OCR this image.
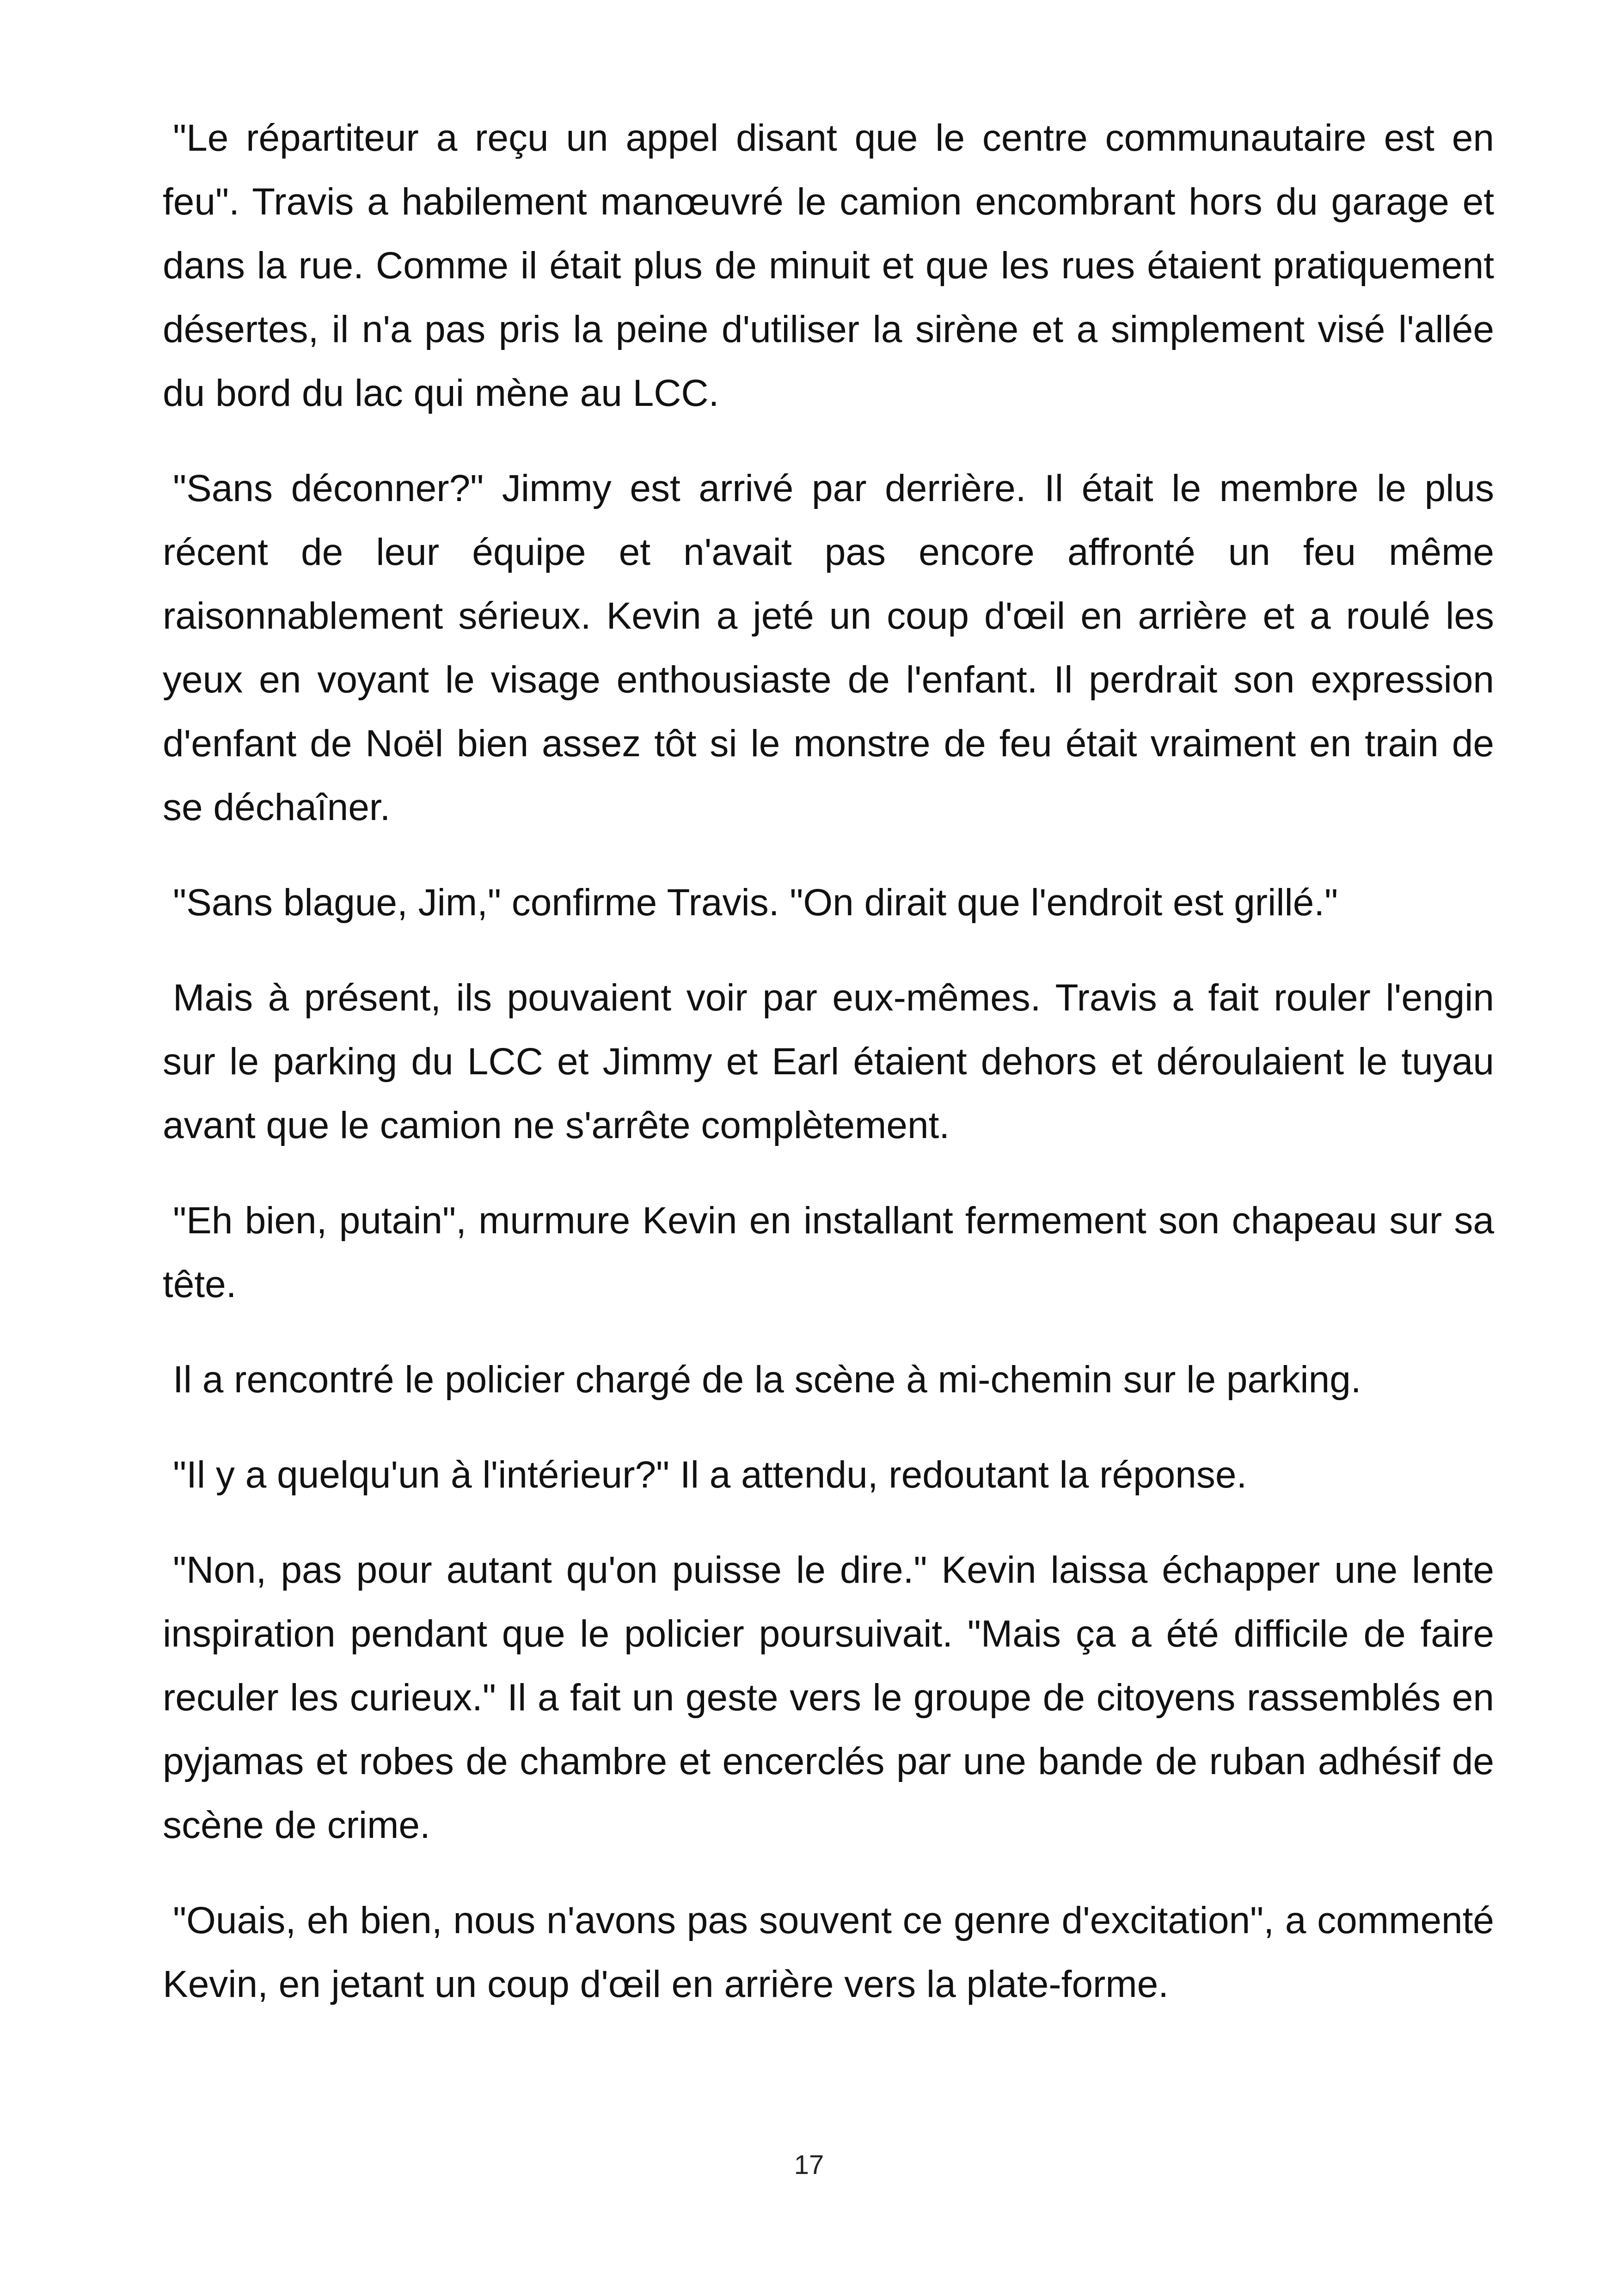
"Le répartiteur a reçu un appel disant que le centre communautaire est en feu". Travis a habilement manœuvré le camion encombrant hors du garage et dans la rue. Comme il était plus de minuit et que les rues étaient pratiquement désertes, il n'a pas pris la peine d'utiliser la sirène et a simplement visé l'allée du bord du lac qui mène au LCC.

"Sans déconner?" Jimmy est arrivé par derrière. Il était le membre le plus récent de leur équipe et n'avait pas encore affronté un feu même raisonnablement sérieux. Kevin a jeté un coup d'œil en arrière et a roulé les yeux en voyant le visage enthousiaste de l'enfant. Il perdrait son expression d'enfant de Noël bien assez tôt si le monstre de feu était vraiment en train de se déchaîner.

"Sans blague, Jim," confirme Travis. "On dirait que l'endroit est grillé."

Mais à présent, ils pouvaient voir par eux-mêmes. Travis a fait rouler l'engin sur le parking du LCC et Jimmy et Earl étaient dehors et déroulaient le tuyau avant que le camion ne s'arrête complètement.

"Eh bien, putain", murmure Kevin en installant fermement son chapeau sur sa tête.

Il a rencontré le policier chargé de la scène à mi-chemin sur le parking.

"Il y a quelqu'un à l'intérieur?" Il a attendu, redoutant la réponse.

"Non, pas pour autant qu'on puisse le dire." Kevin laissa échapper une lente inspiration pendant que le policier poursuivait. "Mais ça a été difficile de faire reculer les curieux." Il a fait un geste vers le groupe de citoyens rassemblés en pyjamas et robes de chambre et encerclés par une bande de ruban adhésif de scène de crime.

"Ouais, eh bien, nous n'avons pas souvent ce genre d'excitation", a commenté Kevin, en jetant un coup d'œil en arrière vers la plate-forme.

17
